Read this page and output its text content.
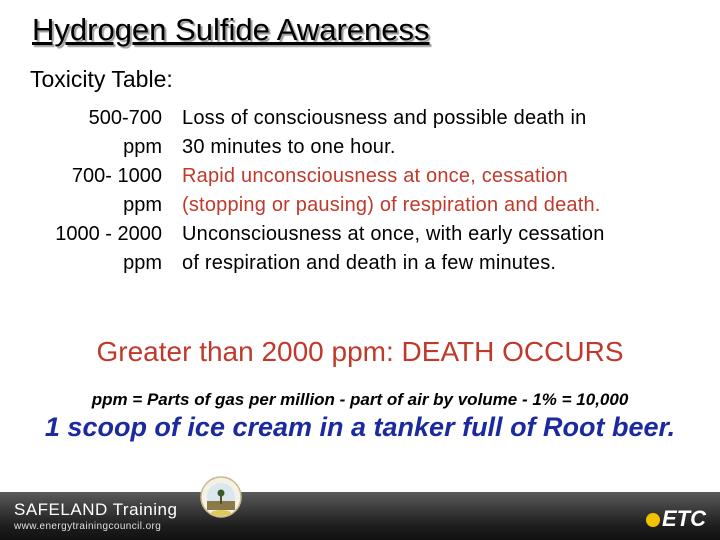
Hydrogen Sulfide Awareness
Toxicity Table:
500-700
ppm
Loss of consciousness and possible death in
30 minutes to one hour.
700- 1000
ppm
Rapid unconsciousness at once, cessation
(stopping or pausing) of respiration and death.
1000 - 2000
ppm
Unconsciousness at once, with early cessation
of respiration and death in a few minutes.
Greater than 2000 ppm: DEATH OCCURS
ppm = Parts of gas per million - part of air by volume - 1% = 10,000
1 scoop of ice cream in a tanker full of Root beer.
SAFELAND Training
www.energytrainingcouncil.org	ETC
